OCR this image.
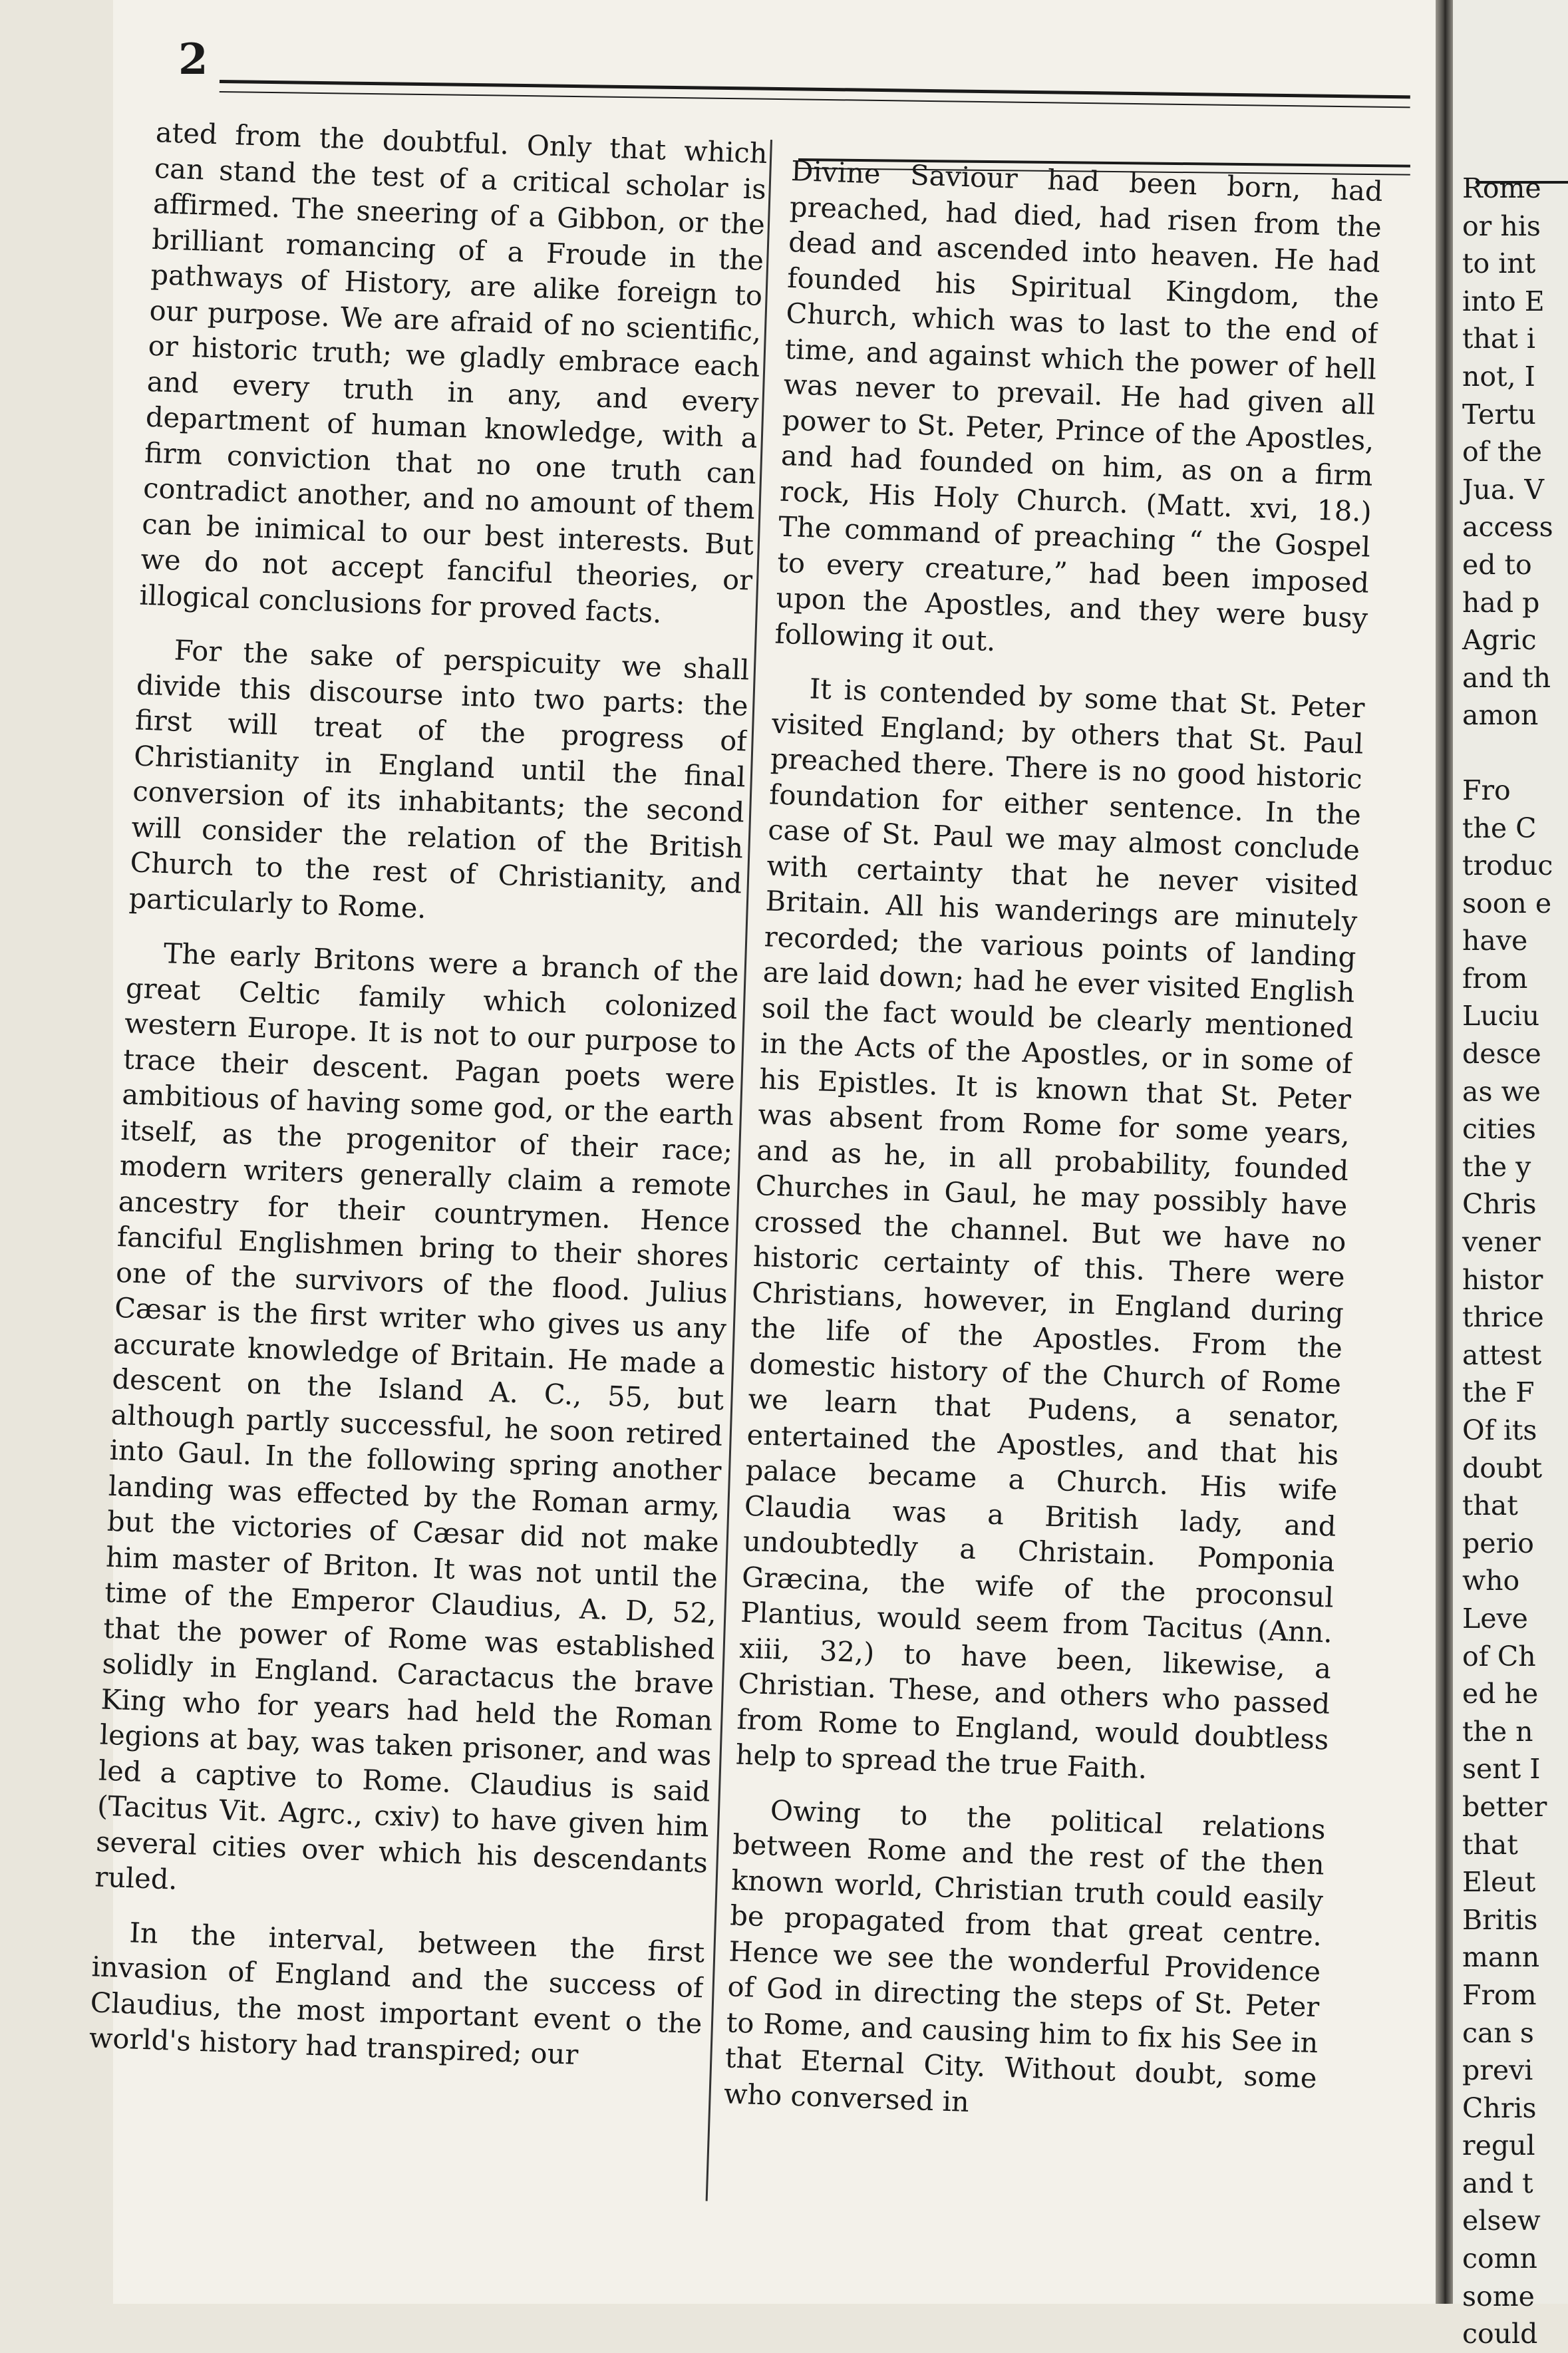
2

ated from the doubtful. Only that which can stand the test of a critical scholar is affirmed. The sneering of a Gibbon, or the brilliant romancing of a Froude in the pathways of History, are alike foreign to our purpose. We are afraid of no scientific, or historic truth; we gladly embrace each and every truth in any, and every department of human knowledge, with a firm conviction that no one truth can contradict another, and no amount of them can be inimical to our best interests. But we do not accept fanciful theories, or illogical conclusions for proved facts.

For the sake of perspicuity we shall divide this discourse into two parts: the first will treat of the progress of Christianity in England until the final conversion of its inhabitants; the second will consider the relation of the British Church to the rest of Christianity, and particularly to Rome.

The early Britons were a branch of the great Celtic family which colonized western Europe. It is not to our purpose to trace their descent. Pagan poets were ambitious of having some god, or the earth itself, as the progenitor of their race; modern writers generally claim a remote ancestry for their countrymen. Hence fanciful Englishmen bring to their shores one of the survivors of the flood. Julius Cæsar is the first writer who gives us any accurate knowledge of Britain. He made a descent on the Island A. C., 55, but although partly successful, he soon retired into Gaul. In the following spring another landing was effected by the Roman army, but the victories of Cæsar did not make him master of Briton. It was not until the time of the Emperor Claudius, A. D, 52, that the power of Rome was established solidly in England. Caractacus the brave King who for years had held the Roman legions at bay, was taken prisoner, and was led a captive to Rome. Claudius is said (Tacitus Vit. Agrc., cxiv) to have given him several cities over which his descendants ruled.

In the interval, between the first invasion of England and the success of Claudius, the most important event o the world's history had transpired; our

Divine Saviour had been born, had preached, had died, had risen from the dead and ascended into heaven. He had founded his Spiritual Kingdom, the Church, which was to last to the end of time, and against which the power of hell was never to prevail. He had given all power to St. Peter, Prince of the Apostles, and had founded on him, as on a firm rock, His Holy Church. (Matt. xvi, 18.) The command of preaching “ the Gospel to every creature,” had been imposed upon the Apostles, and they were busy following it out.

It is contended by some that St. Peter visited England; by others that St. Paul preached there. There is no good historic foundation for either sentence. In the case of St. Paul we may almost conclude with certainty that he never visited Britain. All his wanderings are minutely recorded; the various points of landing are laid down; had he ever visited English soil the fact would be clearly mentioned in the Acts of the Apostles, or in some of his Epistles. It is known that St. Peter was absent from Rome for some years, and as he, in all probability, founded Churches in Gaul, he may possibly have crossed the channel. But we have no historic certainty of this. There were Christians, however, in England during the life of the Apostles. From the domestic history of the Church of Rome we learn that Pudens, a senator, entertained the Apostles, and that his palace became a Church. His wife Claudia was a British lady, and undoubtedly a Christain. Pomponia Græcina, the wife of the proconsul Plantius, would seem from Tacitus (Ann. xiii, 32,) to have been, likewise, a Christian. These, and others who passed from Rome to England, would doubtless help to spread the true Faith.

Owing to the political relations between Rome and the rest of the then known world, Christian truth could easily be propagated from that great centre. Hence we see the wonderful Providence of God in directing the steps of St. Peter to Rome, and causing him to fix his See in that Eternal City. Without doubt, some who conversed in

Rome
or his
to int
into E
that i
not, I
Tertu
of the
Jua. V
access
ed to
had p
Agric
and th
amon
Fro
the C
troduc
soon e
have
from
Luciu
desce
as we
cities
the y
Chris
vener
histor
thrice
attest
the F
Of its
doubt
that
perio
who
Leve
of Ch
ed he
the n
sent I
better
that
Eleut
Britis
mann
From
can s
previ
Chris
regul
and t
elsew
comn
some
could
